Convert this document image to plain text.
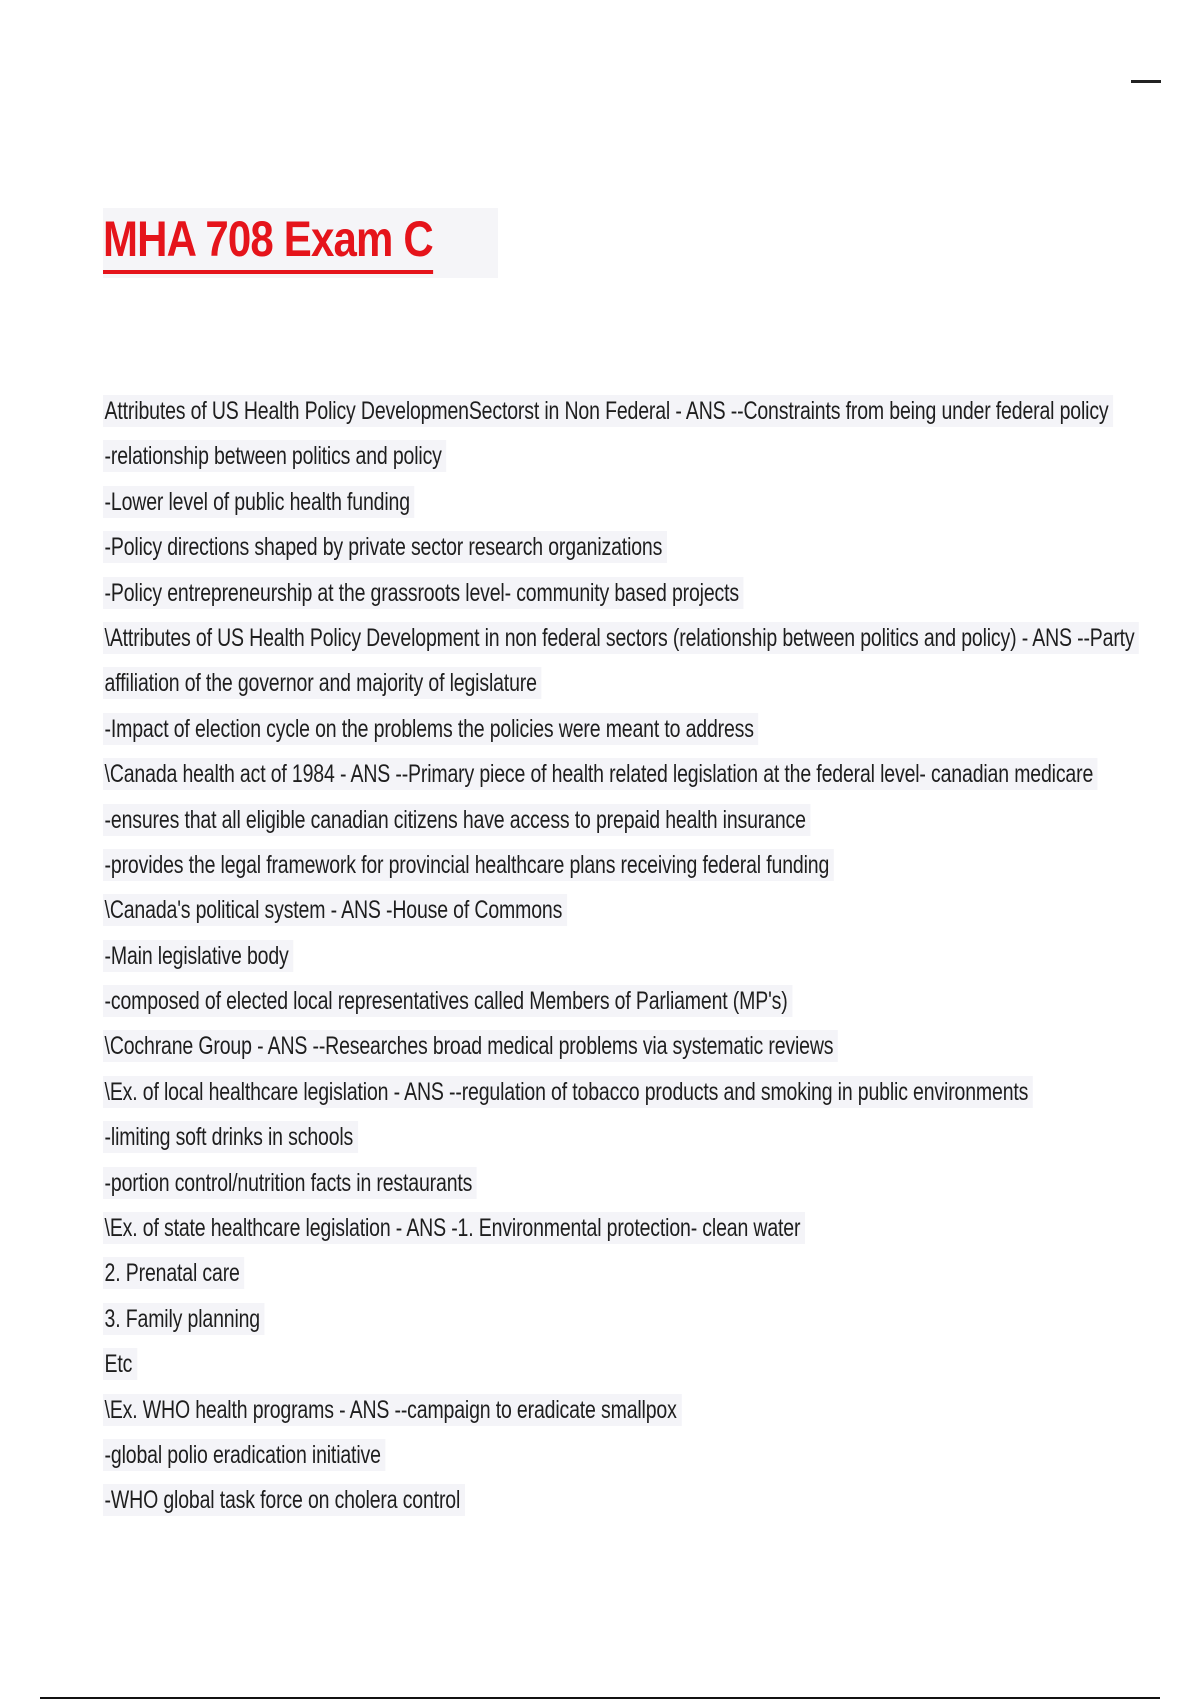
MHA 708 Exam C
Attributes of US Health Policy DevelopmenSectorst in Non Federal - ANS --Constraints from being under federal policy
-relationship between politics and policy
-Lower level of public health funding
-Policy directions shaped by private sector research organizations
-Policy entrepreneurship at the grassroots level- community based projects
\Attributes of US Health Policy Development in non federal sectors (relationship between politics and policy) - ANS --Party
affiliation of the governor and majority of legislature
-Impact of election cycle on the problems the policies were meant to address
\Canada health act of 1984 - ANS --Primary piece of health related legislation at the federal level- canadian medicare
-ensures that all eligible canadian citizens have access to prepaid health insurance
-provides the legal framework for provincial healthcare plans receiving federal funding
\Canada's political system - ANS -House of Commons
-Main legislative body
-composed of elected local representatives called Members of Parliament (MP's)
\Cochrane Group - ANS --Researches broad medical problems via systematic reviews
\Ex. of local healthcare legislation - ANS --regulation of tobacco products and smoking in public environments
-limiting soft drinks in schools
-portion control/nutrition facts in restaurants
\Ex. of state healthcare legislation - ANS -1. Environmental protection- clean water
2. Prenatal care
3. Family planning
Etc
\Ex. WHO health programs - ANS --campaign to eradicate smallpox
-global polio eradication initiative
-WHO global task force on cholera control
